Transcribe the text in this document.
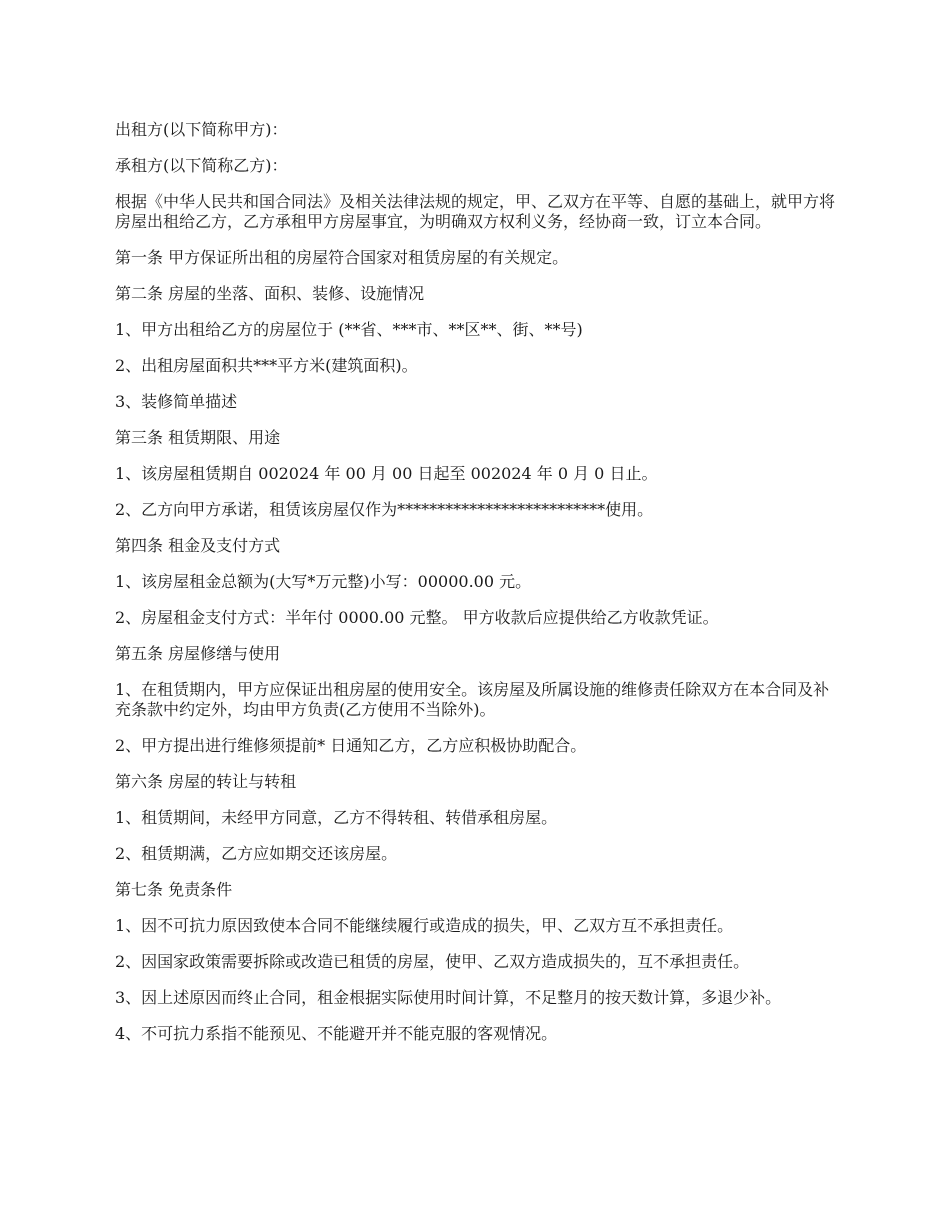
出租方(以下简称甲方)：

承租方(以下简称乙方)：

根据《中华人民共和国合同法》及相关法律法规的规定，甲、乙双方在平等、自愿的基础上，就甲方将房屋出租给乙方，乙方承租甲方房屋事宜，为明确双方权利义务，经协商一致，订立本合同。

第一条 甲方保证所出租的房屋符合国家对租赁房屋的有关规定。

第二条 房屋的坐落、面积、装修、设施情况

1、甲方出租给乙方的房屋位于 (**省、***市、**区**、街、**号)

2、出租房屋面积共***平方米(建筑面积)。

3、装修简单描述

第三条 租赁期限、用途

1、该房屋租赁期自 002024 年 00 月 00 日起至 002024 年 0 月 0 日止。

2、乙方向甲方承诺，租赁该房屋仅作为**************************使用。

第四条 租金及支付方式

1、该房屋租金总额为(大写*万元整)小写：00000.00 元。

2、房屋租金支付方式：半年付 0000.00 元整。 甲方收款后应提供给乙方收款凭证。

第五条 房屋修缮与使用

1、在租赁期内，甲方应保证出租房屋的使用安全。该房屋及所属设施的维修责任除双方在本合同及补充条款中约定外，均由甲方负责(乙方使用不当除外)。

2、甲方提出进行维修须提前* 日通知乙方，乙方应积极协助配合。

第六条 房屋的转让与转租

1、租赁期间，未经甲方同意，乙方不得转租、转借承租房屋。

2、租赁期满，乙方应如期交还该房屋。

第七条 免责条件

1、因不可抗力原因致使本合同不能继续履行或造成的损失，甲、乙双方互不承担责任。

2、因国家政策需要拆除或改造已租赁的房屋，使甲、乙双方造成损失的，互不承担责任。

3、因上述原因而终止合同，租金根据实际使用时间计算，不足整月的按天数计算，多退少补。

4、不可抗力系指不能预见、不能避开并不能克服的客观情况。
